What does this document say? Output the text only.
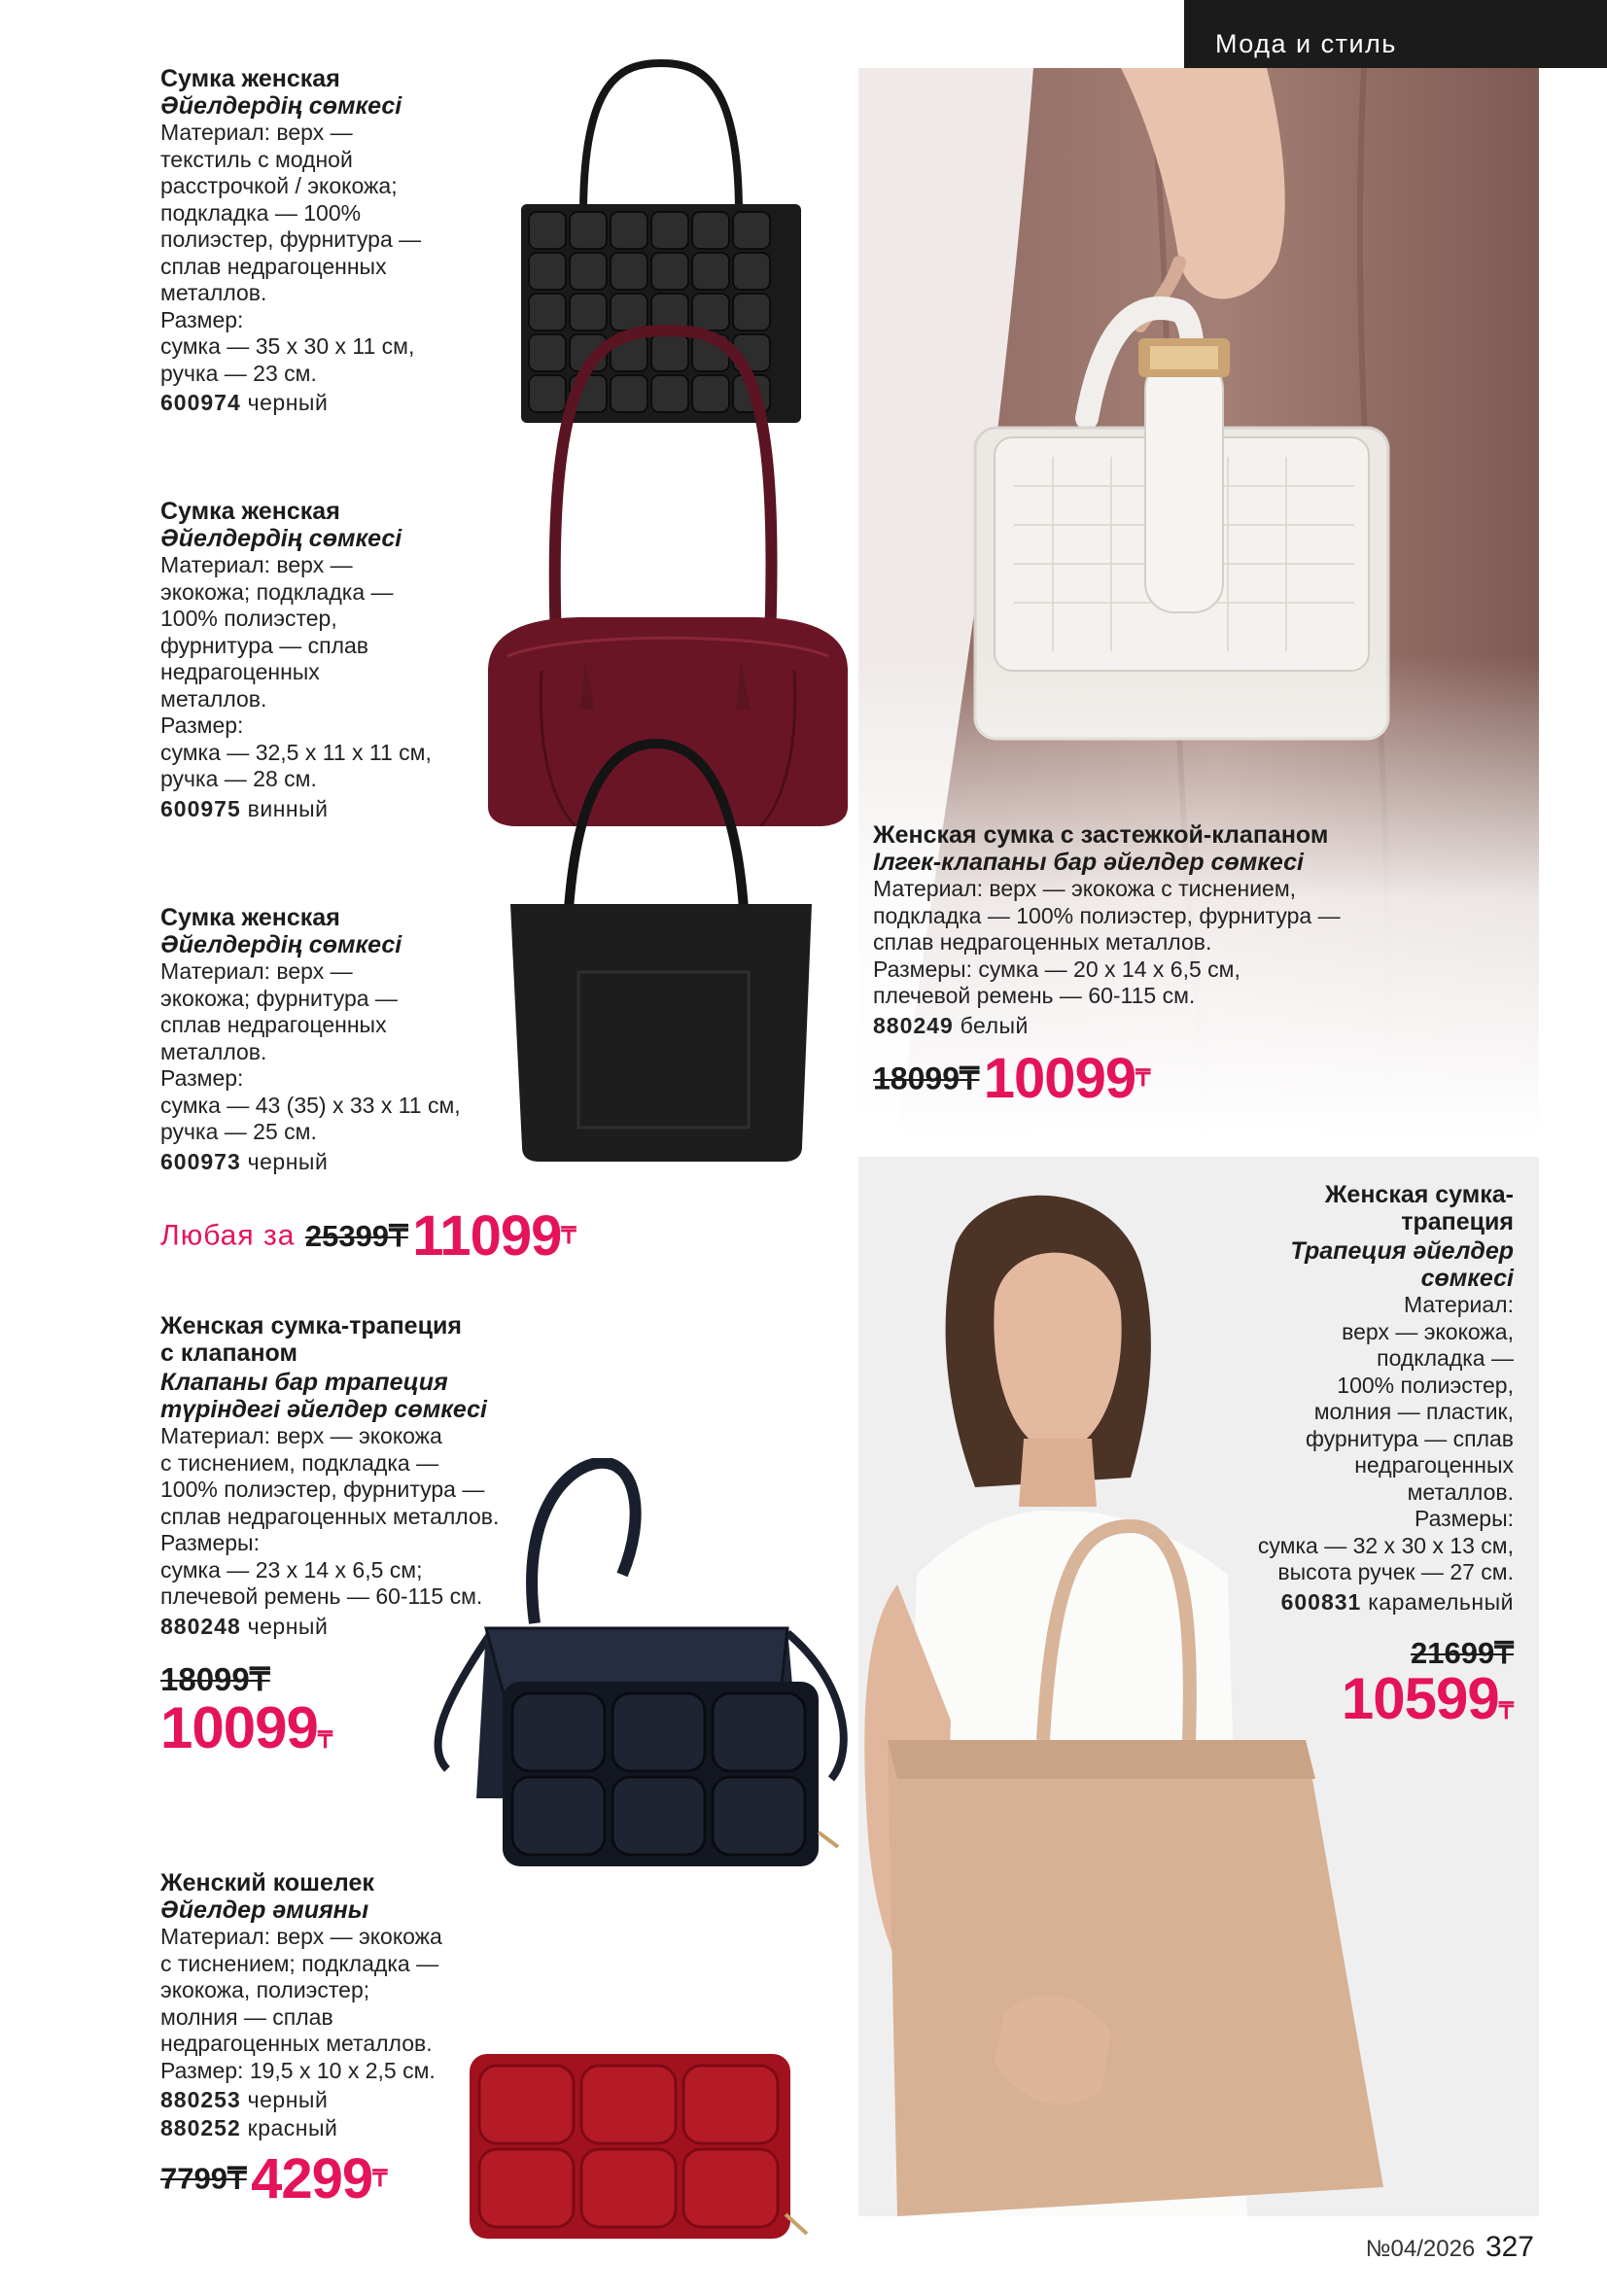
Мода и стиль
Сумка женская
Әйелдердің сөмкесі
Материал: верх —
текстиль с модной
расстрочкой / экокожа;
подкладка — 100%
полиэстер, фурнитура —
сплав недрагоценных
металлов.
Размер:
сумка — 35 x 30 x 11 см,
ручка — 23 см.
600974 черный
Сумка женская
Әйелдердің сөмкесі
Материал: верх —
экокожа; подкладка —
100% полиэстер,
фурнитура — сплав
недрагоценных
металлов.
Размер:
сумка — 32,5 x 11 x 11 см,
ручка — 28 см.
600975 винный
Сумка женская
Әйелдердің сөмкесі
Материал: верх —
экокожа; фурнитура —
сплав недрагоценных
металлов.
Размер:
сумка — 43 (35) x 33 x 11 см,
ручка — 25 см.
600973 черный
Любая за 25399₸ 11099₸
Женская сумка с застежкой-клапаном
Ілгек-клапаны бар әйелдер сөмкесі
Материал: верх — экокожа с тиснением,
подкладка — 100% полиэстер, фурнитура —
сплав недрагоценных металлов.
Размеры: сумка — 20 x 14 x 6,5 см,
плечевой ремень — 60-115 см.
880249 белый
18099₸ 10099₸
Женская сумка-трапеция
с клапаном
Клапаны бар трапеция
түріндегі әйелдер сөмкесі
Материал: верх — экокожа
с тиснением, подкладка —
100% полиэстер, фурнитура —
сплав недрагоценных металлов.
Размеры:
сумка — 23 x 14 x 6,5 см;
плечевой ремень — 60-115 см.
880248 черный
18099₸
10099₸
Женский кошелек
Әйелдер әмияны
Материал: верх — экокожа
с тиснением; подкладка —
экокожа, полиэстер;
молния — сплав
недрагоценных металлов.
Размер: 19,5 x 10 x 2,5 см.
880253 черный
880252 красный
7799₸ 4299₸
Женская сумка-
трапеция
Трапеция әйелдер
сөмкесі
Материал:
верх — экокожа,
подкладка —
100% полиэстер,
молния — пластик,
фурнитура — сплав
недрагоценных
металлов.
Размеры:
сумка — 32 x 30 x 13 см,
высота ручек — 27 см.
600831 карамельный
21699₸
10599₸
№04/2026 327
